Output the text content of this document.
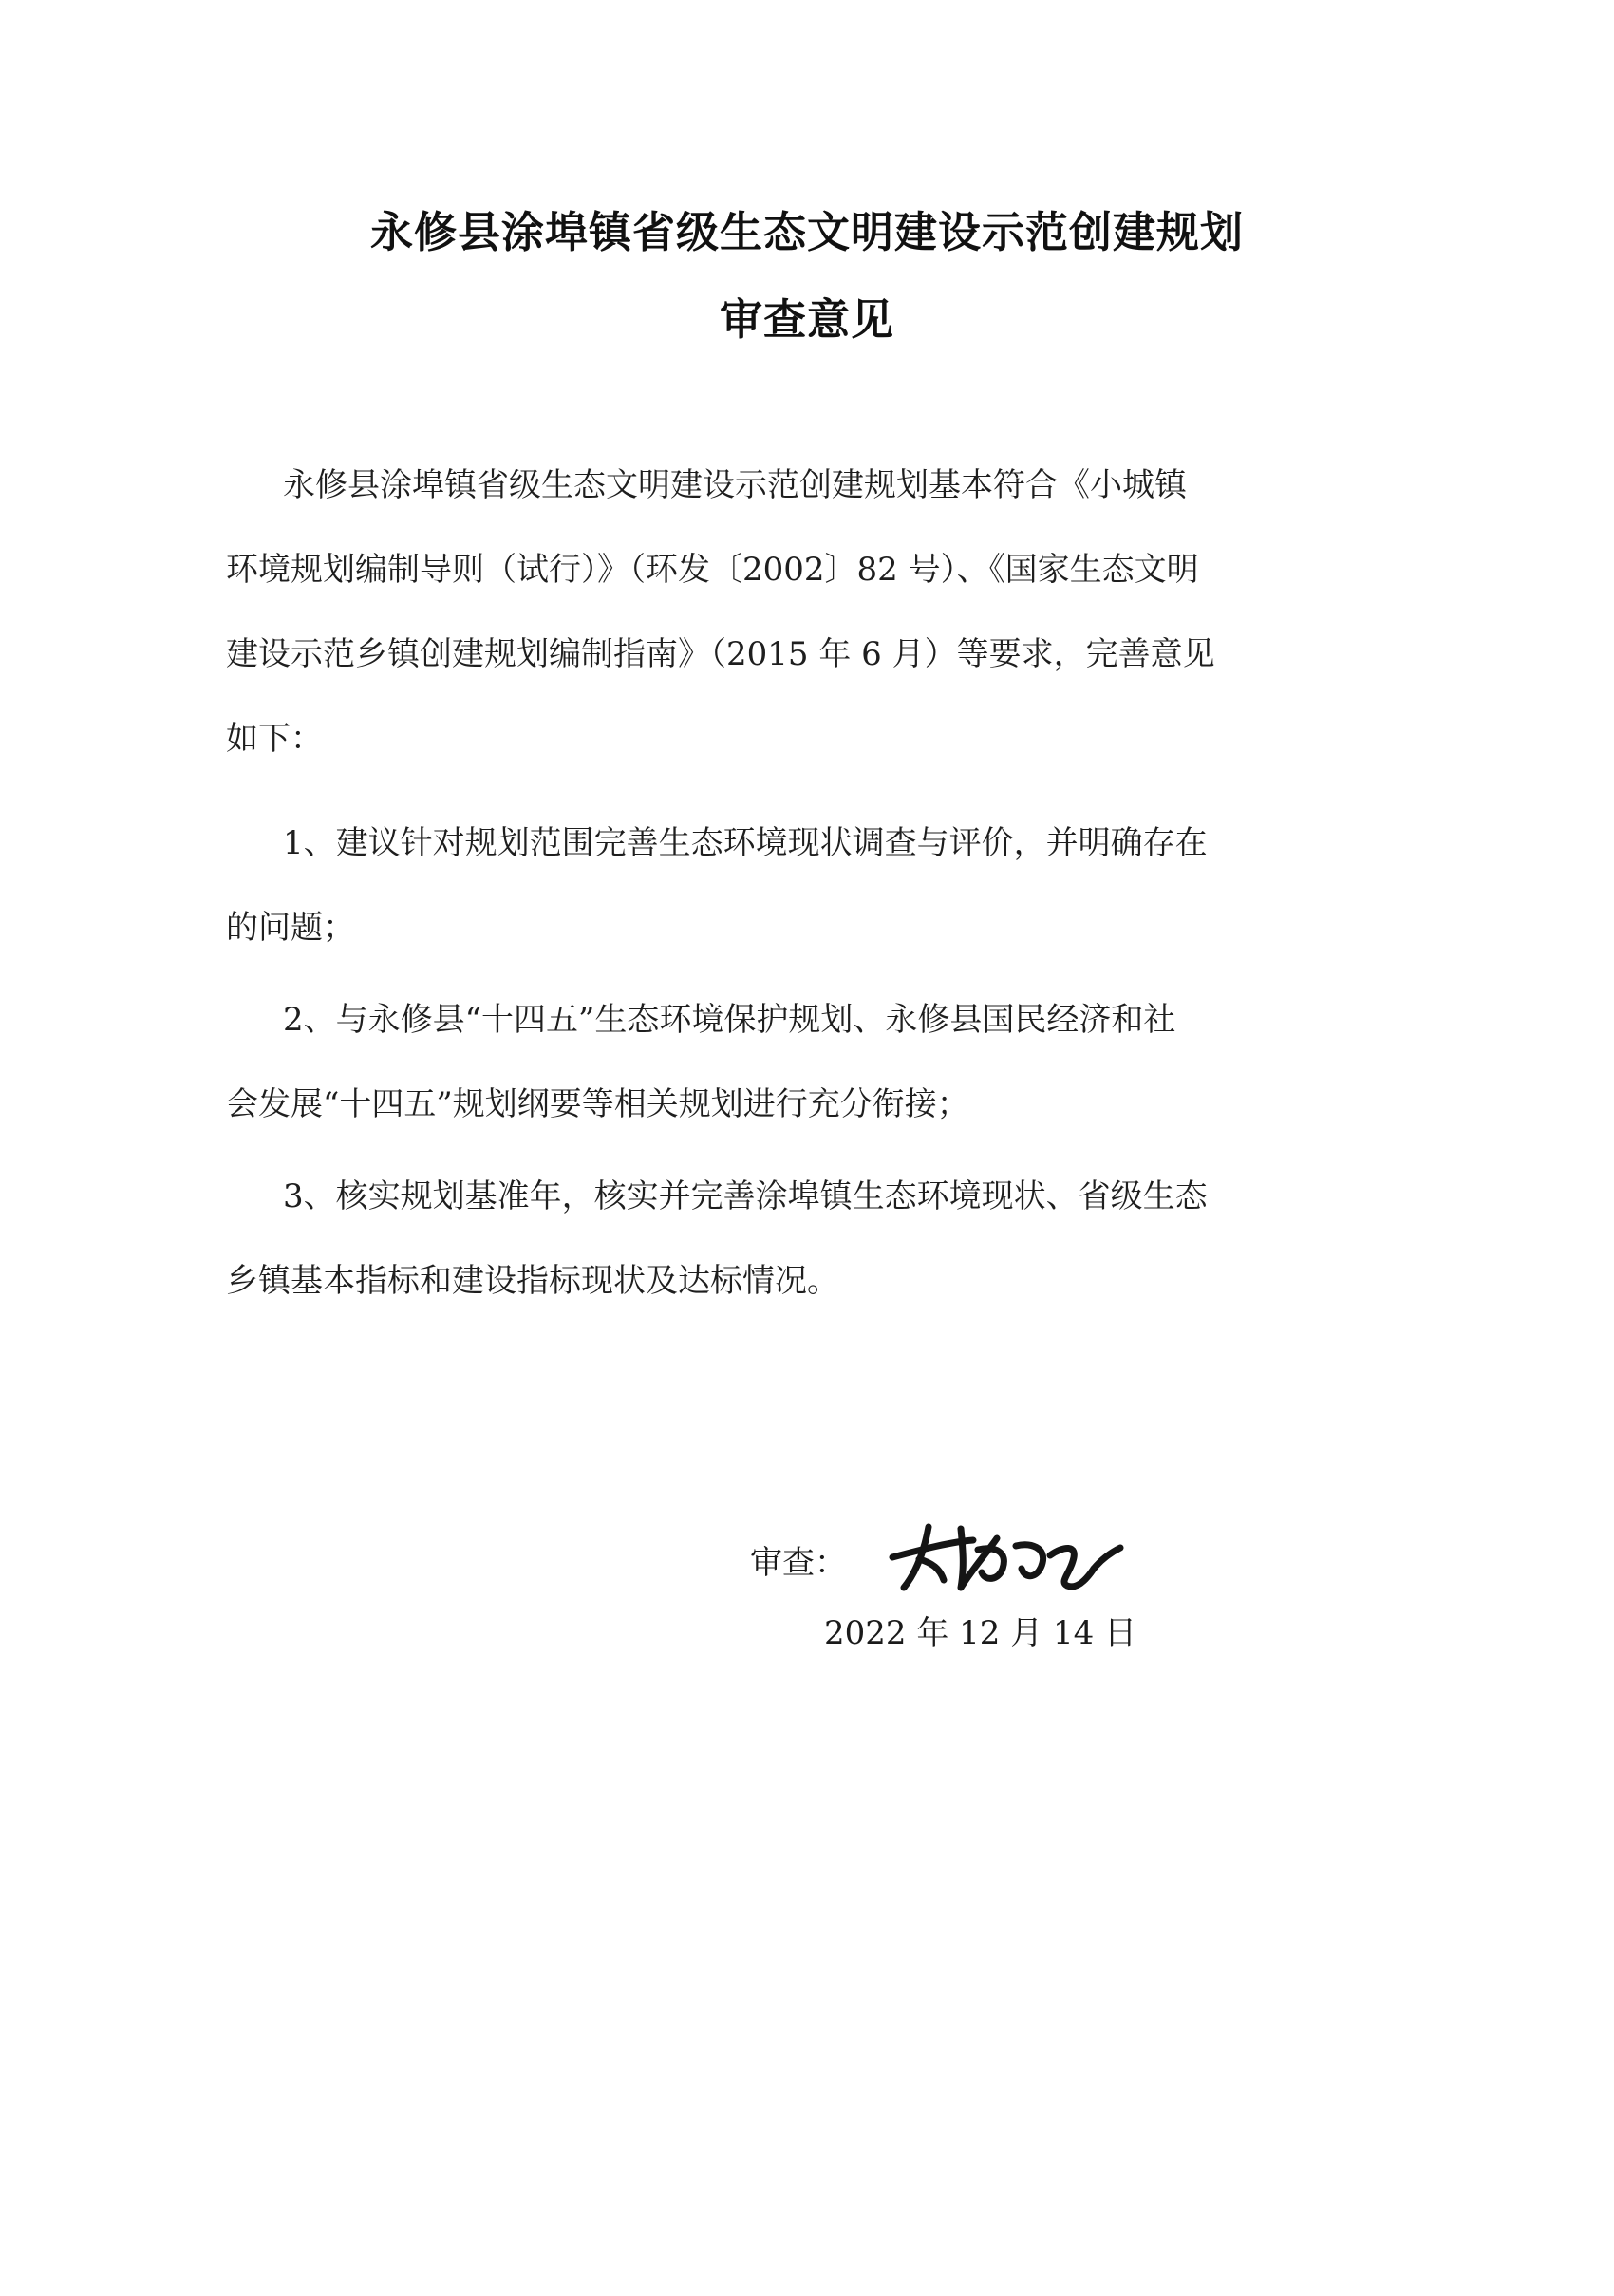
永修县涂埠镇省级生态文明建设示范创建规划
审查意见
永修县涂埠镇省级生态文明建设示范创建规划基本符合《小城镇
环境规划编制导则（试行）》（环发〔2002〕82 号）、《国家生态文明
建设示范乡镇创建规划编制指南》（2015 年 6 月）等要求，完善意见
如下：
1、建议针对规划范围完善生态环境现状调查与评价，并明确存在
的问题；
2、与永修县“十四五”生态环境保护规划、永修县国民经济和社
会发展“十四五”规划纲要等相关规划进行充分衔接；
3、核实规划基准年，核实并完善涂埠镇生态环境现状、省级生态
乡镇基本指标和建设指标现状及达标情况。
审查：
2022 年 12 月 14 日
